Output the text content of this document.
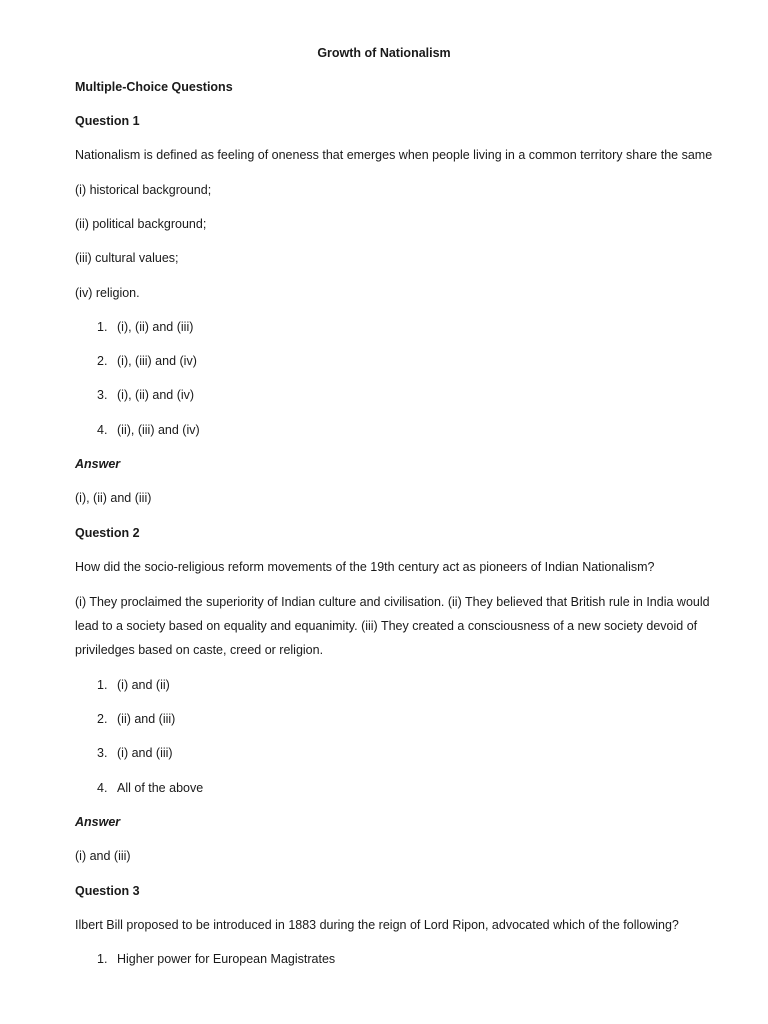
Growth of Nationalism
Multiple-Choice Questions
Question 1
Nationalism is defined as feeling of oneness that emerges when people living in a common territory share the same
(i) historical background;
(ii) political background;
(iii) cultural values;
(iv) religion.
1. (i), (ii) and (iii)
2. (i), (iii) and (iv)
3. (i), (ii) and (iv)
4. (ii), (iii) and (iv)
Answer
(i), (ii) and (iii)
Question 2
How did the socio-religious reform movements of the 19th century act as pioneers of Indian Nationalism?
(i) They proclaimed the superiority of Indian culture and civilisation. (ii) They believed that British rule in India would
lead to a society based on equality and equanimity. (iii) They created a consciousness of a new society devoid of
priviledges based on caste, creed or religion.
1. (i) and (ii)
2. (ii) and (iii)
3. (i) and (iii)
4. All of the above
Answer
(i) and (iii)
Question 3
Ilbert Bill proposed to be introduced in 1883 during the reign of Lord Ripon, advocated which of the following?
1. Higher power for European Magistrates
